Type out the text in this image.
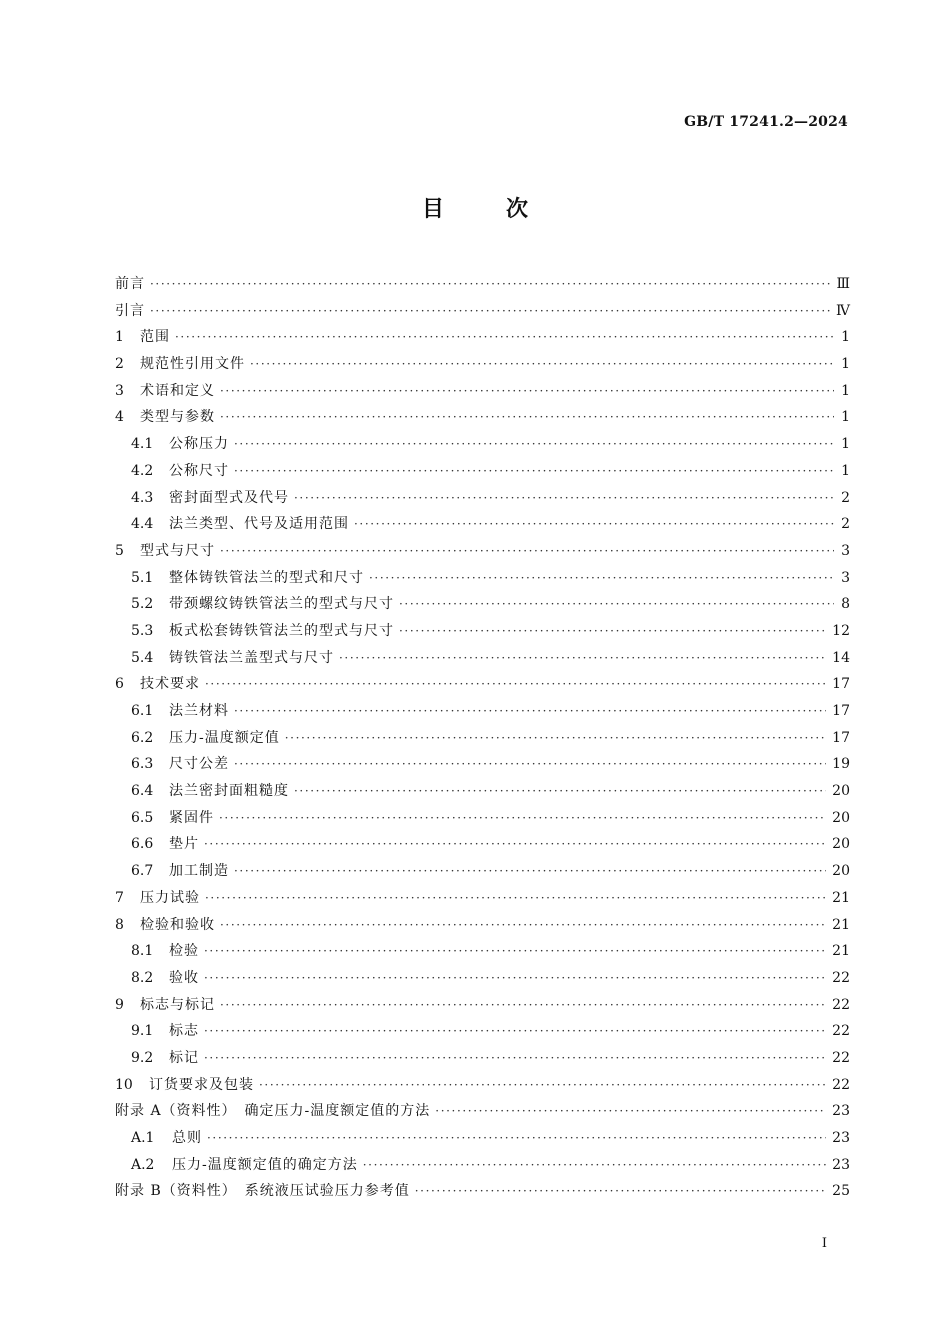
GB/T 17241.2—2024
目次
前言 ·····	Ⅲ
引言 ·····	Ⅳ
1	范围 ·····	1
2	规范性引用文件 ·····	1
3	术语和定义 ·····	1
4	类型与参数 ·····	1
4.1	公称压力 ·····	1
4.2	公称尺寸 ·····	1
4.3	密封面型式及代号 ·····	2
4.4	法兰类型、代号及适用范围 ·····	2
5	型式与尺寸 ·····	3
5.1	整体铸铁管法兰的型式和尺寸 ·····	3
5.2	带颈螺纹铸铁管法兰的型式与尺寸 ·····	8
5.3	板式松套铸铁管法兰的型式与尺寸 ·····	12
5.4	铸铁管法兰盖型式与尺寸 ·····	14
6	技术要求 ·····	17
6.1	法兰材料 ·····	17
6.2	压力-温度额定值 ·····	17
6.3	尺寸公差 ·····	19
6.4	法兰密封面粗糙度 ·····	20
6.5	紧固件 ·····	20
6.6	垫片 ·····	20
6.7	加工制造 ·····	20
7	压力试验 ·····	21
8	检验和验收 ·····	21
8.1	检验 ·····	21
8.2	验收 ·····	22
9	标志与标记 ·····	22
9.1	标志 ·····	22
9.2	标记 ·····	22
10	订货要求及包装 ·····	22
附录 A（资料性）　确定压力-温度额定值的方法 ·····	23
A.1	总则 ·····	23
A.2	压力-温度额定值的确定方法 ·····	23
附录 B（资料性）　系统液压试验压力参考值 ·····	25
I
